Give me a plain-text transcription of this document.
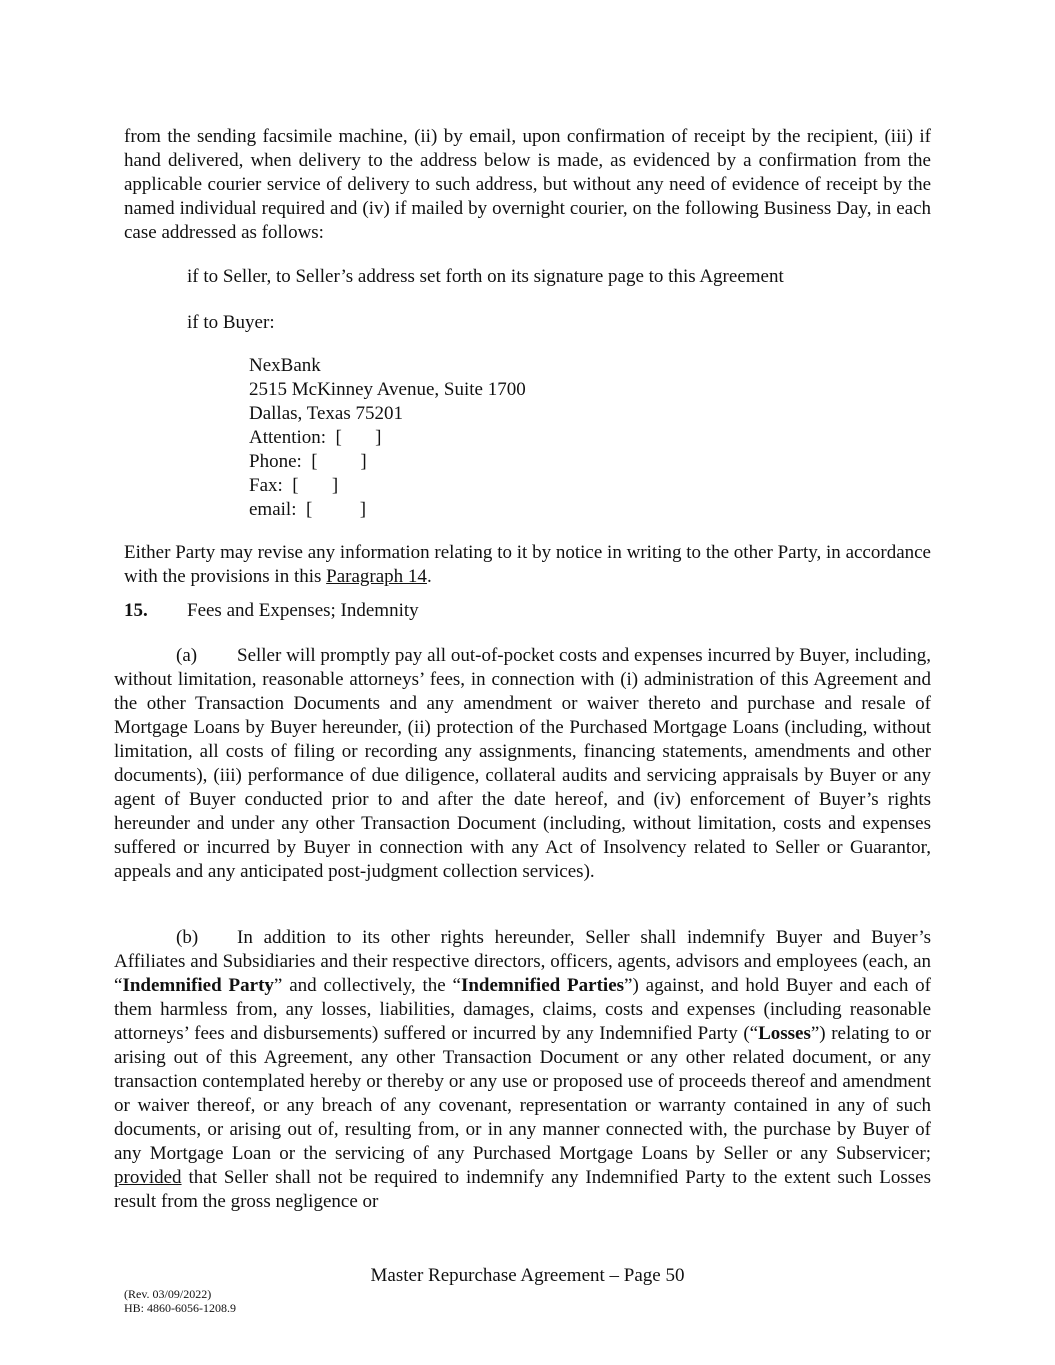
from the sending facsimile machine, (ii) by email, upon confirmation of receipt by the recipient, (iii) if hand delivered, when delivery to the address below is made, as evidenced by a confirmation from the applicable courier service of delivery to such address, but without any need of evidence of receipt by the named individual required and (iv) if mailed by overnight courier, on the following Business Day, in each case addressed as follows:

if to Seller, to Seller’s address set forth on its signature page to this Agreement
if to Buyer:
NexBank
2515 McKinney Avenue, Suite 1700
Dallas, Texas 75201
Attention:  [       ]
Phone:  [         ]
Fax:  [       ]
email:  [          ]

Either Party may revise any information relating to it by notice in writing to the other Party, in accordance with the provisions in this Paragraph 14.

15. Fees and Expenses; Indemnity

(a) Seller will promptly pay all out-of-pocket costs and expenses incurred by Buyer, including, without limitation, reasonable attorneys’ fees, in connection with (i) administration of this Agreement and the other Transaction Documents and any amendment or waiver thereto and purchase and resale of Mortgage Loans by Buyer hereunder, (ii) protection of the Purchased Mortgage Loans (including, without limitation, all costs of filing or recording any assignments, financing statements, amendments and other documents), (iii) performance of due diligence, collateral audits and servicing appraisals by Buyer or any agent of Buyer conducted prior to and after the date hereof, and (iv) enforcement of Buyer’s rights hereunder and under any other Transaction Document (including, without limitation, costs and expenses suffered or incurred by Buyer in connection with any Act of Insolvency related to Seller or Guarantor, appeals and any anticipated post-judgment collection services).

(b) In addition to its other rights hereunder, Seller shall indemnify Buyer and Buyer’s Affiliates and Subsidiaries and their respective directors, officers, agents, advisors and employees (each, an “Indemnified Party” and collectively, the “Indemnified Parties”) against, and hold Buyer and each of them harmless from, any losses, liabilities, damages, claims, costs and expenses (including reasonable attorneys’ fees and disbursements) suffered or incurred by any Indemnified Party (“Losses”) relating to or arising out of this Agreement, any other Transaction Document or any other related document, or any transaction contemplated hereby or thereby or any use or proposed use of proceeds thereof and amendment or waiver thereof, or any breach of any covenant, representation or warranty contained in any of such documents, or arising out of, resulting from, or in any manner connected with, the purchase by Buyer of any Mortgage Loan or the servicing of any Purchased Mortgage Loans by Seller or any Subservicer; provided that Seller shall not be required to indemnify any Indemnified Party to the extent such Losses result from the gross negligence or

Master Repurchase Agreement – Page 50
(Rev. 03/09/2022)
HB: 4860-6056-1208.9
